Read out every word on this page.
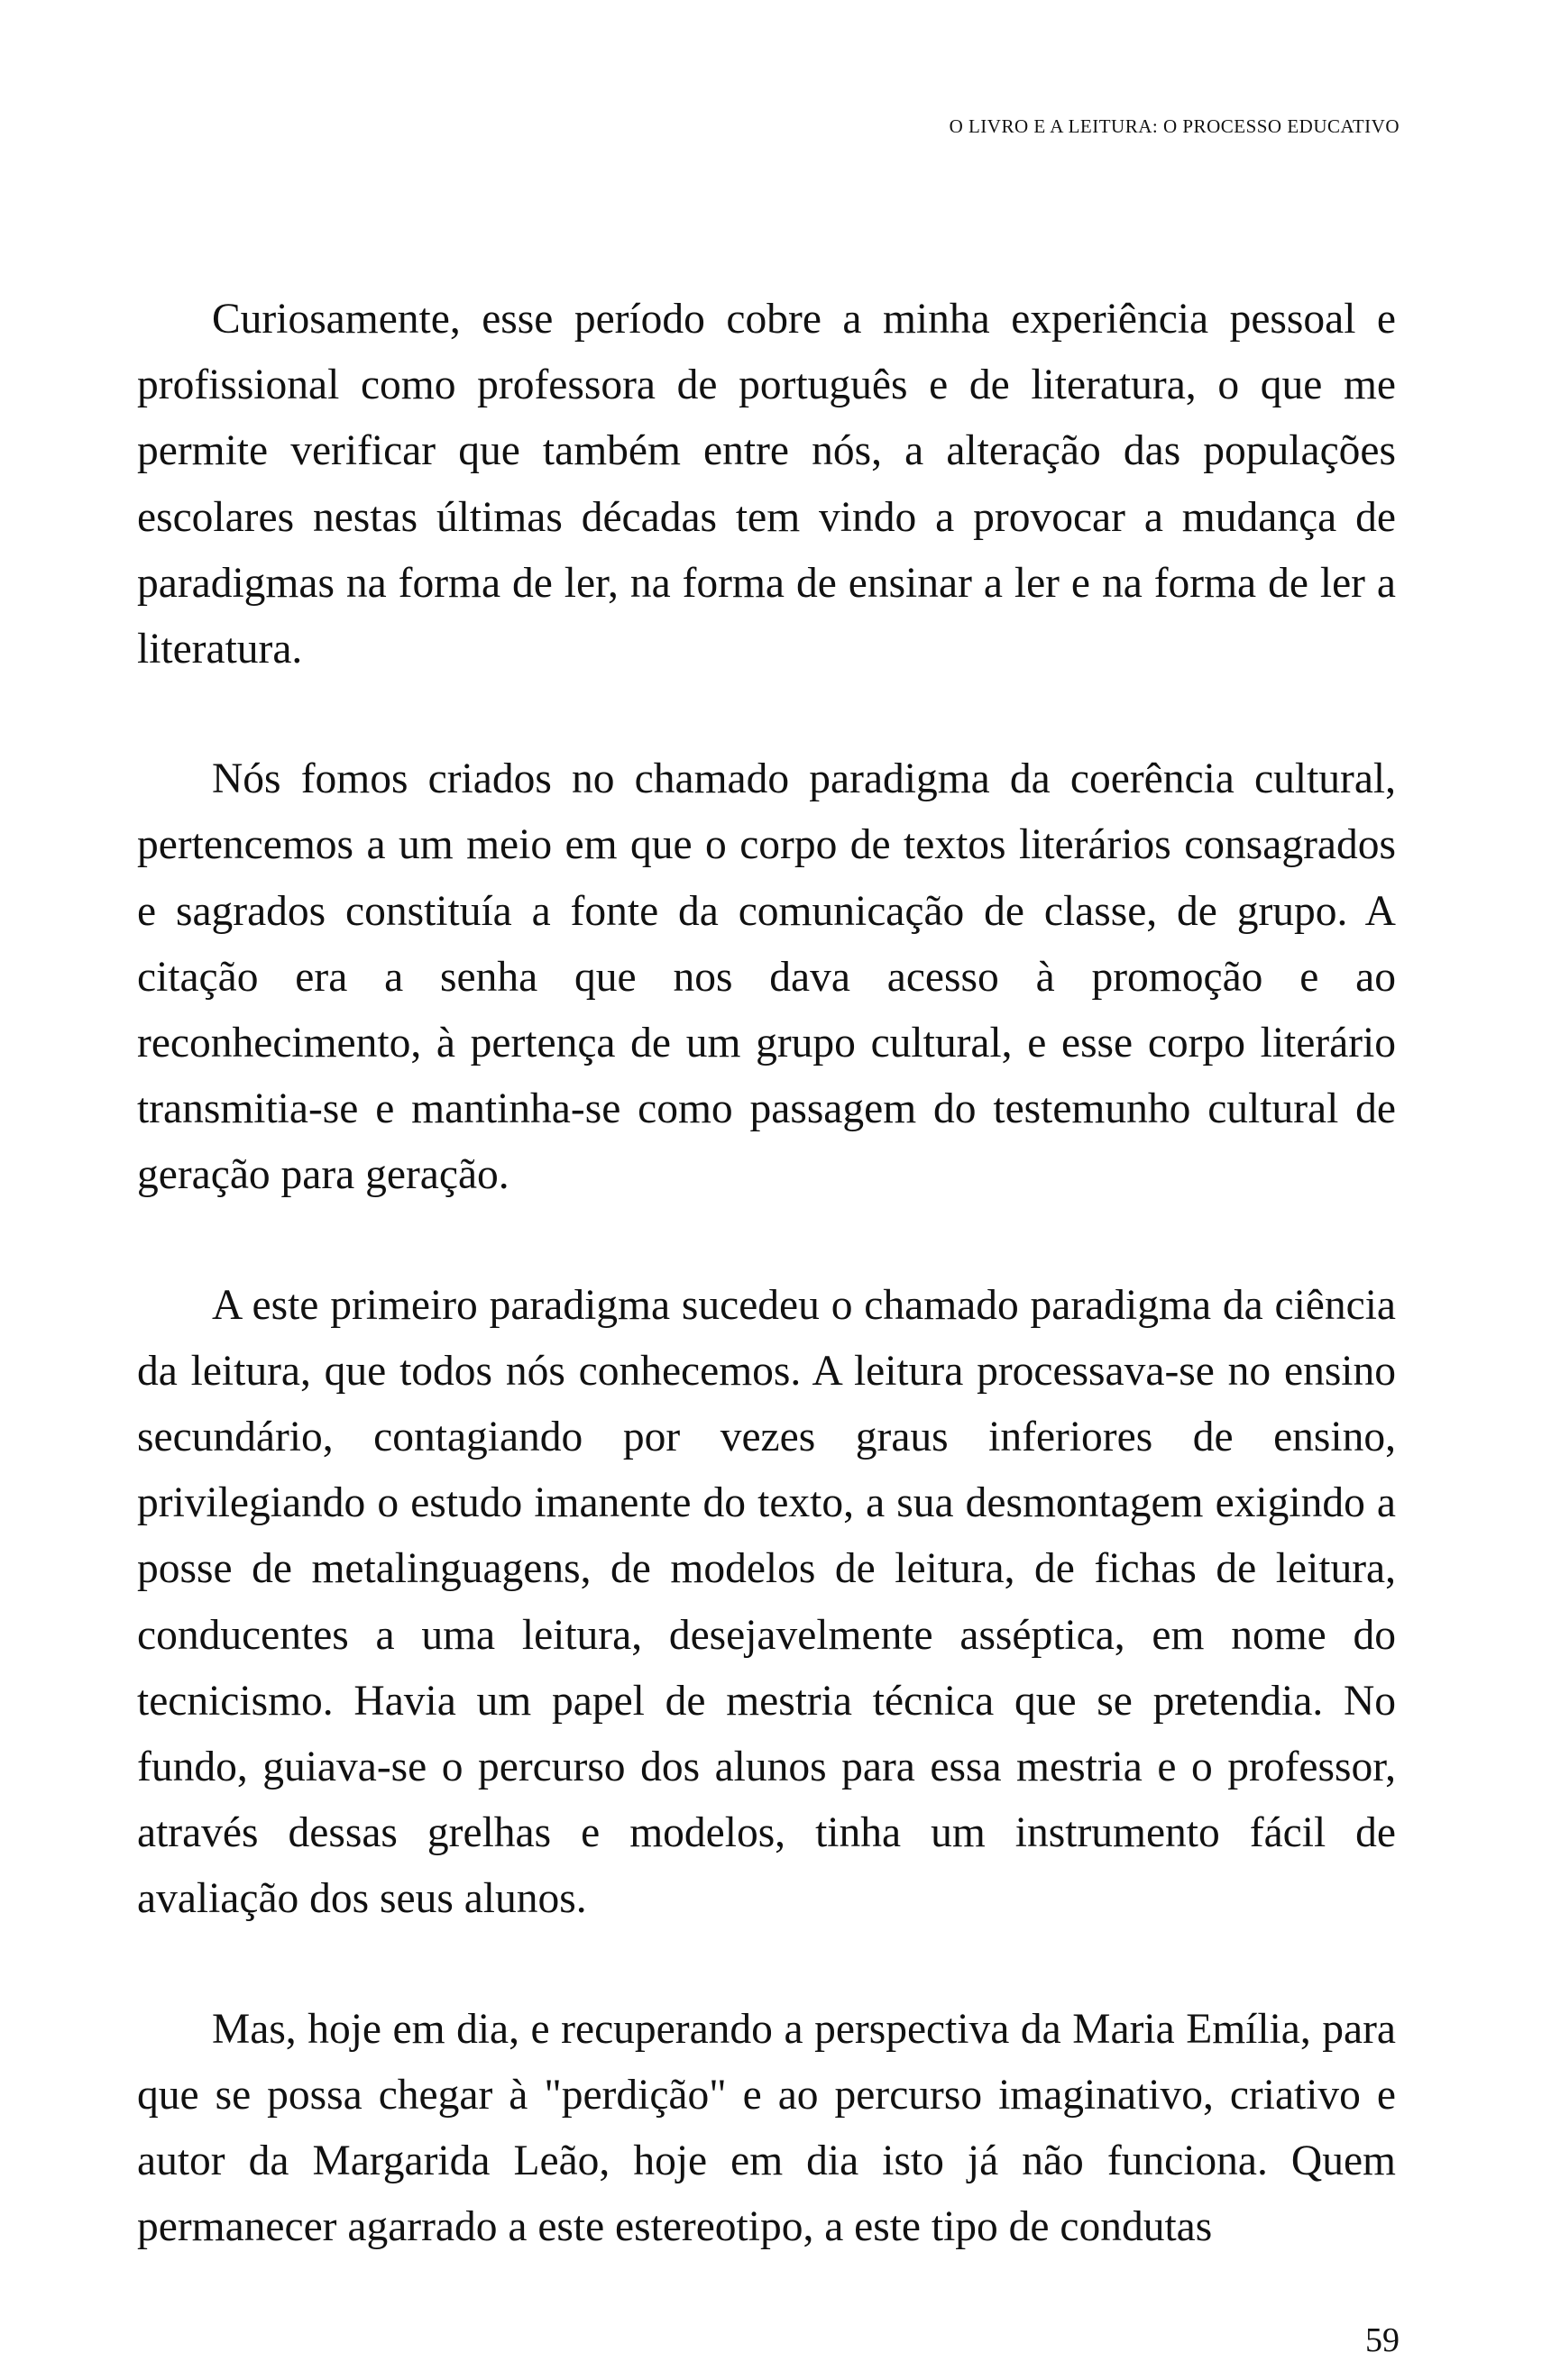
O LIVRO E A LEITURA: O PROCESSO EDUCATIVO

Curiosamente, esse período cobre a minha experiência pessoal e profissional como professora de português e de literatura, o que me permite verificar que também entre nós, a alteração das populações escolares nestas últimas décadas tem vindo a provocar a mudança de paradigmas na forma de ler, na forma de ensinar a ler e na forma de ler a literatura.

Nós fomos criados no chamado paradigma da coerência cultural, pertencemos a um meio em que o corpo de textos literários consagrados e sagrados constituía a fonte da comunicação de classe, de grupo. A citação era a senha que nos dava acesso à promoção e ao reconhecimento, à pertença de um grupo cultural, e esse corpo literário transmitia-se e mantinha-se como passagem do testemunho cultural de geração para geração.

A este primeiro paradigma sucedeu o chamado paradigma da ciência da leitura, que todos nós conhecemos. A leitura processava-se no ensino secundário, contagiando por vezes graus inferiores de ensino, privilegiando o estudo imanente do texto, a sua desmontagem exigindo a posse de metalinguagens, de modelos de leitura, de fichas de leitura, conducentes a uma leitura, desejavelmente asséptica, em nome do tecnicismo. Havia um papel de mestria técnica que se pretendia. No fundo, guiava-se o percurso dos alunos para essa mestria e o professor, através dessas grelhas e modelos, tinha um instrumento fácil de avaliação dos seus alunos.

Mas, hoje em dia, e recuperando a perspectiva da Maria Emília, para que se possa chegar à "perdição" e ao percurso imaginativo, criativo e autor da Margarida Leão, hoje em dia isto já não funciona. Quem permanecer agarrado a este estereotipo, a este tipo de condutas

59
